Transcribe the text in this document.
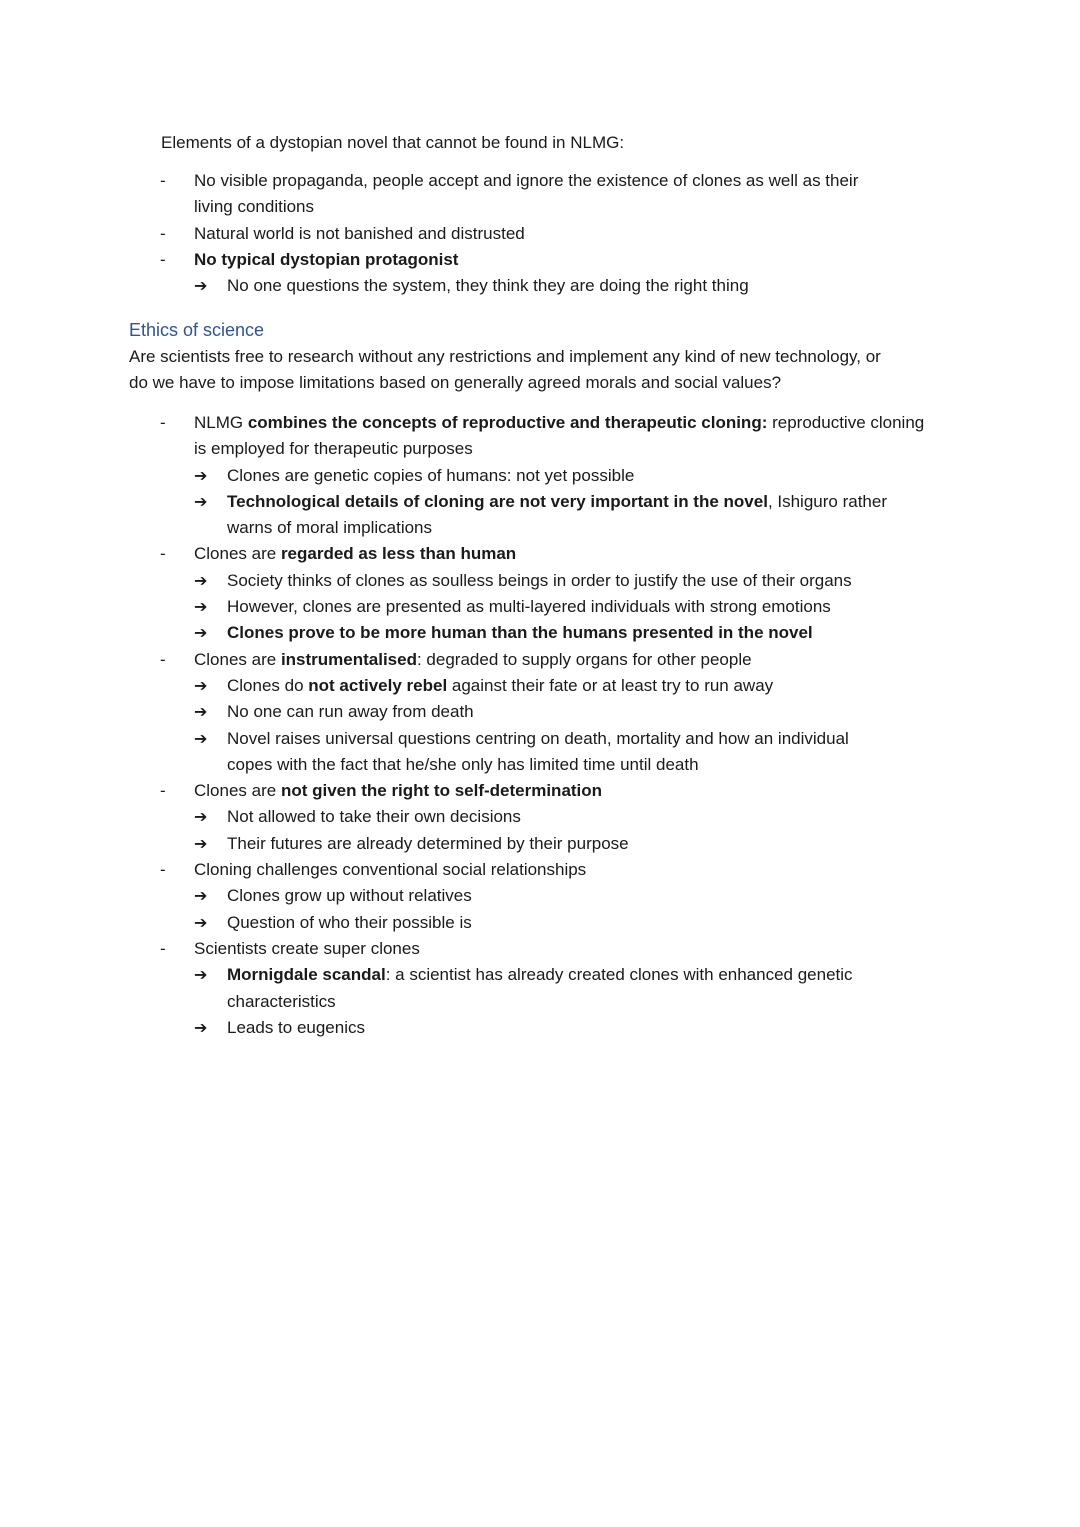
Elements of a dystopian novel that cannot be found in NLMG:
-	No visible propaganda, people accept and ignore the existence of clones as well as their
living conditions
-	Natural world is not banished and distrusted
-	No typical dystopian protagonist
➔	No one questions the system, they think they are doing the right thing
Ethics of science
Are scientists free to research without any restrictions and implement any kind of new technology, or
do we have to impose limitations based on generally agreed morals and social values?
-	NLMG combines the concepts of reproductive and therapeutic cloning: reproductive cloning
is employed for therapeutic purposes
➔	Clones are genetic copies of humans: not yet possible
➔	Technological details of cloning are not very important in the novel, Ishiguro rather
warns of moral implications
-	Clones are regarded as less than human
➔	Society thinks of clones as soulless beings in order to justify the use of their organs
➔	However, clones are presented as multi-layered individuals with strong emotions
➔	Clones prove to be more human than the humans presented in the novel
-	Clones are instrumentalised: degraded to supply organs for other people
➔	Clones do not actively rebel against their fate or at least try to run away
➔	No one can run away from death
➔	Novel raises universal questions centring on death, mortality and how an individual
copes with the fact that he/she only has limited time until death
-	Clones are not given the right to self-determination
➔	Not allowed to take their own decisions
➔	Their futures are already determined by their purpose
-	Cloning challenges conventional social relationships
➔	Clones grow up without relatives
➔	Question of who their possible is
-	Scientists create super clones
➔	Mornigdale scandal: a scientist has already created clones with enhanced genetic
characteristics
➔	Leads to eugenics
